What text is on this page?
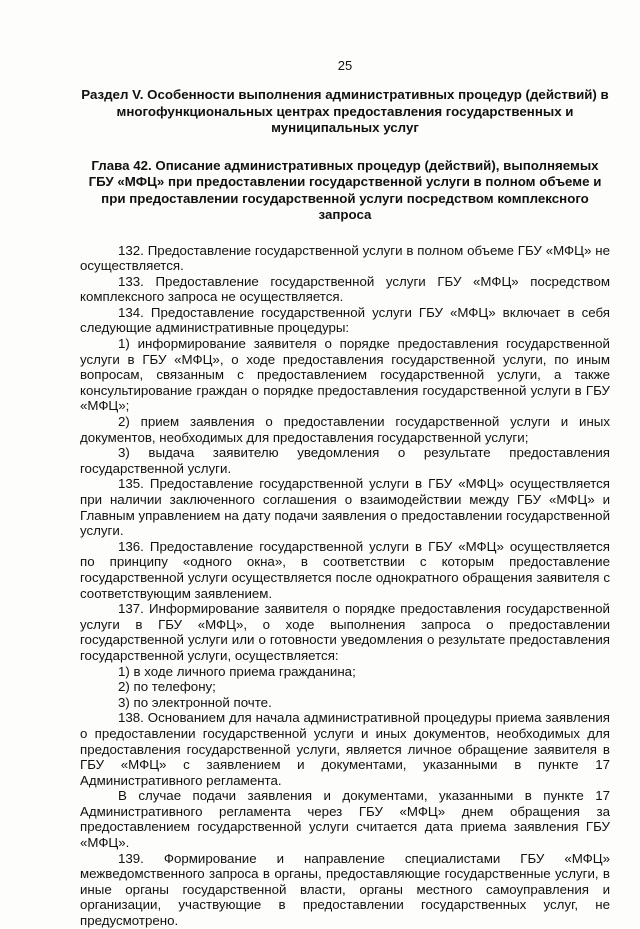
25
Раздел V. Особенности выполнения административных процедур (действий) в многофункциональных центрах предоставления государственных и муниципальных услуг
Глава 42. Описание административных процедур (действий), выполняемых ГБУ «МФЦ» при предоставлении государственной услуги в полном объеме и при предоставлении государственной услуги посредством комплексного запроса

132. Предоставление государственной услуги в полном объеме ГБУ «МФЦ» не осуществляется.

133. Предоставление государственной услуги ГБУ «МФЦ» посредством комплексного запроса не осуществляется.

134. Предоставление государственной услуги ГБУ «МФЦ» включает в себя следующие административные процедуры:

1) информирование заявителя о порядке предоставления государственной услуги в ГБУ «МФЦ», о ходе предоставления государственной услуги, по иным вопросам, связанным с предоставлением государственной услуги, а также консультирование граждан о порядке предоставления государственной услуги в ГБУ «МФЦ»;

2) прием заявления о предоставлении государственной услуги и иных документов, необходимых для предоставления государственной услуги;

3) выдача заявителю уведомления о результате предоставления государственной услуги.

135. Предоставление государственной услуги в ГБУ «МФЦ» осуществляется при наличии заключенного соглашения о взаимодействии между ГБУ «МФЦ» и Главным управлением на дату подачи заявления о предоставлении государственной услуги.

136. Предоставление государственной услуги в ГБУ «МФЦ» осуществляется по принципу «одного окна», в соответствии с которым предоставление государственной услуги осуществляется после однократного обращения заявителя с соответствующим заявлением.

137. Информирование заявителя о порядке предоставления государственной услуги в ГБУ «МФЦ», о ходе выполнения запроса о предоставлении государственной услуги или о готовности уведомления о результате предоставления государственной услуги, осуществляется:

1) в ходе личного приема гражданина;

2) по телефону;

3) по электронной почте.

138. Основанием для начала административной процедуры приема заявления о предоставлении государственной услуги и иных документов, необходимых для предоставления государственной услуги, является личное обращение заявителя в ГБУ «МФЦ» с заявлением и документами, указанными в пункте 17 Административного регламента.

В случае подачи заявления и документами, указанными в пункте 17 Административного регламента через ГБУ «МФЦ» днем обращения за предоставлением государственной услуги считается дата приема заявления ГБУ «МФЦ».

139. Формирование и направление специалистами ГБУ «МФЦ» межведомственного запроса в органы, предоставляющие государственные услуги, в иные органы государственной власти, органы местного самоуправления и организации, участвующие в предоставлении государственных услуг, не предусмотрено.
